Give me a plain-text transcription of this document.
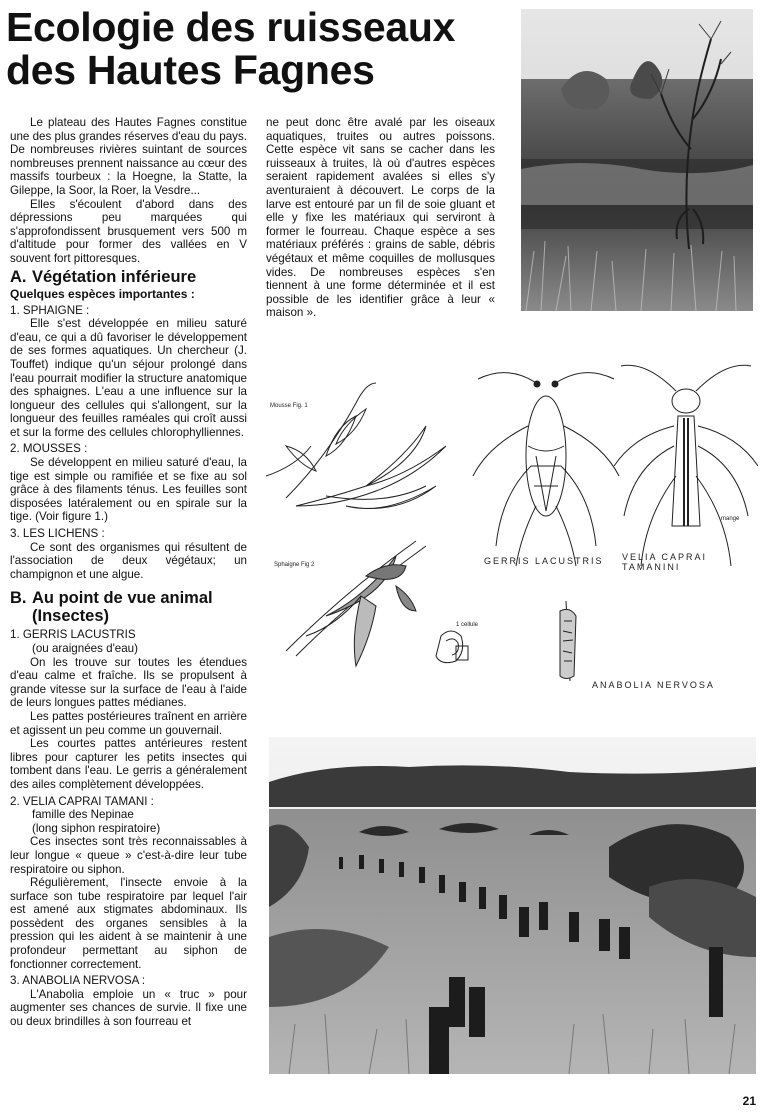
Ecologie des ruisseaux des Hautes Fagnes

Le plateau des Hautes Fagnes constitue une des plus grandes réserves d'eau du pays. De nombreuses rivières suintant de sources nombreuses prennent naissance au cœur des massifs tourbeux : la Hoegne, la Statte, la Gileppe, la Soor, la Roer, la Vesdre...

Elles s'écoulent d'abord dans des dépressions peu marquées qui s'approfondissent brusquement vers 500 m d'altitude pour former des vallées en V souvent fort pittoresques.

A. Végétation inférieure
Quelques espèces importantes :
1. SPHAIGNE :

Elle s'est développée en milieu saturé d'eau, ce qui a dû favoriser le développement de ses formes aquatiques. Un chercheur (J. Touffet) indique qu'un séjour prolongé dans l'eau pourrait modifier la structure anatomique des sphaignes. L'eau a une influence sur la longueur des cellules qui s'allongent, sur la longueur des feuilles raméales qui croît aussi et sur la forme des cellules chlorophylliennes.

2. MOUSSES :

Se développent en milieu saturé d'eau, la tige est simple ou ramifiée et se fixe au sol grâce à des filaments ténus. Les feuilles sont disposées latéralement ou en spirale sur la tige. (Voir figure 1.)

3. LES LICHENS :

Ce sont des organismes qui résultent de l'association de deux végétaux; un champignon et une algue.

B. Au point de vue animal
(Insectes)
1. GERRIS LACUSTRIS
(ou araignées d'eau)

On les trouve sur toutes les étendues d'eau calme et fraîche. Ils se propulsent à grande vitesse sur la surface de l'eau à l'aide de leurs longues pattes médianes.

Les pattes postérieures traînent en arrière et agissent un peu comme un gouvernail.

Les courtes pattes antérieures restent libres pour capturer les petits insectes qui tombent dans l'eau. Le gerris a généralement des ailes complètement développées.

2. VELIA CAPRAI TAMANI :
famille des Nepinae
(long siphon respiratoire)

Ces insectes sont très reconnaissables à leur longue « queue » c'est-à-dire leur tube respiratoire ou siphon.

Régulièrement, l'insecte envoie à la surface son tube respiratoire par lequel l'air est amené aux stigmates abdominaux. Ils possèdent des organes sensibles à la pression qui les aident à se maintenir à une profondeur permettant au siphon de fonctionner correctement.

3. ANABOLIA NERVOSA :

L'Anabolia emploie un « truc » pour augmenter ses chances de survie. Il fixe une ou deux brindilles à son fourreau et

ne peut donc être avalé par les oiseaux aquatiques, truites ou autres poissons. Cette espèce vit sans se cacher dans les ruisseaux à truites, là où d'autres espèces seraient rapidement avalées si elles s'y aventuraient à découvert. Le corps de la larve est entouré par un fil de soie gluant et elle y fixe les matériaux qui serviront à former le fourreau. Chaque espèce a ses matériaux préférés : grains de sable, débris végétaux et même coquilles de mollusques vides. De nombreuses espèces s'en tiennent à une forme déterminée et il est possible de les identifier grâce à leur « maison ».

Mousse Fig. 1
Sphaigne Fig 2
1 cellule
mange
GERRIS LACUSTRIS VELIA CAPRAI TAMANINI
ANABOLIA NERVOSA
21
